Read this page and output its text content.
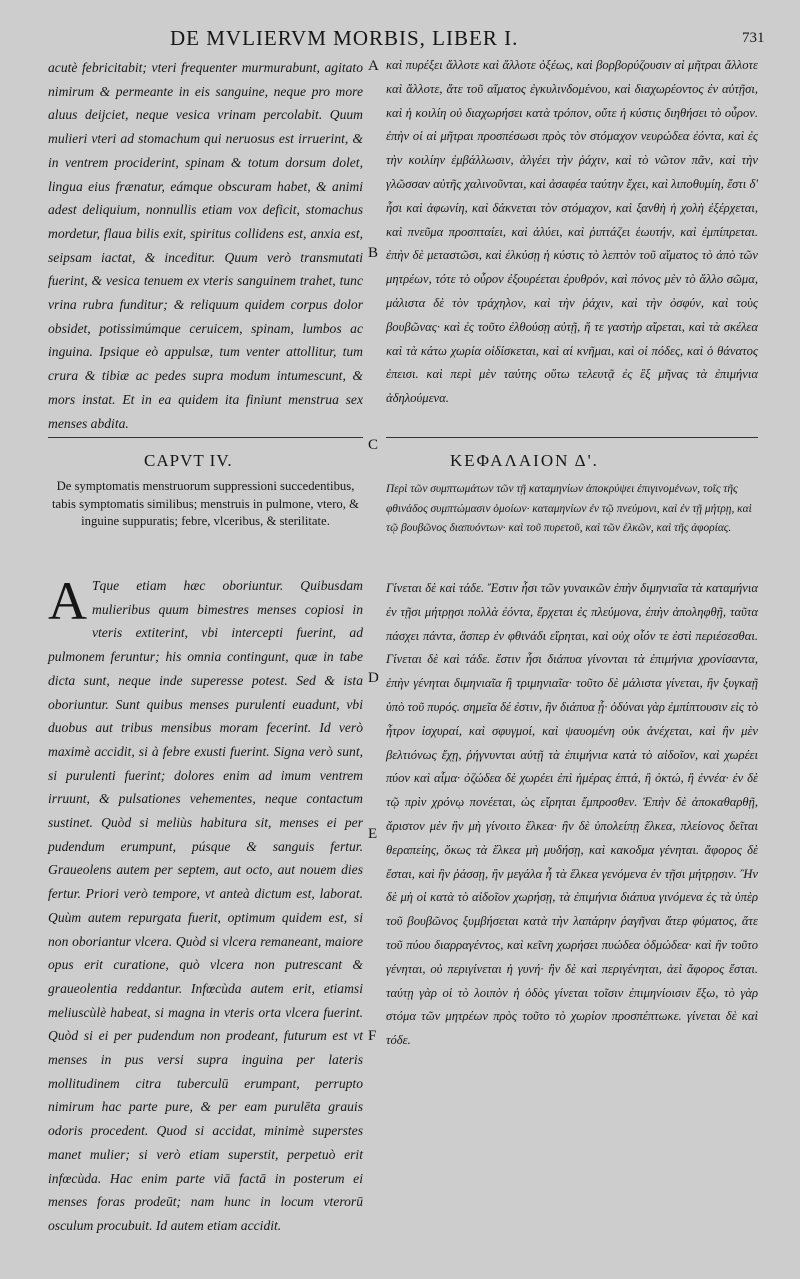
DE MVLIERVM MORBIS, LIBER I.	731

acutè febricitabit; vteri frequenter murmurabunt, agitato nimirum & permeante in eis sanguine, neque pro more aluus deijciet, neque vesica vrinam percolabit. Quum mulieri vteri ad stomachum qui neruosus est irruerint, & in ventrem prociderint, spinam & totum dorsum dolet, lingua eius frænatur, eámque obscuram habet, & animi adest deliquium, nonnullis etiam vox deficit, stomachus mordetur, flaua bilis exit, spiritus collidens est, anxia est, seipsam iactat, & inceditur. Quum verò transmutati fuerint, & vesica tenuem ex vteris sanguinem trahet, tunc vrina rubra funditur; & reliquum quidem corpus dolor obsidet, potissimúmque ceruicem, spinam, lumbos ac inguina. Ipsique eò appulsæ, tum venter attollitur, tum crura & tibiæ ac pedes supra modum intumescunt, & mors instat. Et in ea quidem ita finiunt menstrua sex menses abdita.

καὶ πυρέξει ἄλλοτε καὶ ἄλλοτε ὀξέως, καὶ βορβορύζουσιν αἱ μῆτραι ἄλλοτε καὶ ἄλλοτε, ἅτε τοῦ αἵματος ἐγκυλινδομένου, καὶ διαχωρέοντος ἐν αὐτῇσι, καὶ ἡ κοιλίη οὐ διαχωρήσει κατὰ τρόπον, οὔτε ἡ κύστις διηθήσει τὸ οὖρον. ἐπὴν οἱ αἱ μῆτραι προσπέσωσι πρὸς τὸν στόμαχον νευρώδεα ἐόντα, καὶ ἐς τὴν κοιλίην ἐμβάλλωσιν, ἀλγέει τὴν ῥάχιν, καὶ τὸ νῶτον πᾶν, καὶ τὴν γλῶσσαν αὐτῆς χαλινοῦνται, καὶ ἀσαφέα ταύτην ἔχει, καὶ λιποθυμίη, ἔστι δ' ἧσι καὶ ἀφωνίη, καὶ δάκνεται τὸν στόμαχον, καὶ ξανθὴ ἡ χολὴ ἐξέρχεται, καὶ πνεῦμα προσπταίει, καὶ ἀλύει, καὶ ῥιπτάζει ἑωυτήν, καὶ ἐμπίπρεται. ἐπὴν δὲ μεταστῶσι, καὶ ἑλκύσῃ ἡ κύστις τὸ λεπτὸν τοῦ αἵματος τὸ ἀπὸ τῶν μητρέων, τότε τὸ οὖρον ἐξουρέεται ἐρυθρόν, καὶ πόνος μὲν τὸ ἄλλο σῶμα, μάλιστα δὲ τὸν τράχηλον, καὶ τὴν ῥάχιν, καὶ τὴν ὀσφύν, καὶ τοὺς βουβῶνας· καὶ ἐς τοῦτο ἐλθούσῃ αὐτῇ, ἥ τε γαστὴρ αἴρεται, καὶ τὰ σκέλεα καὶ τὰ κάτω χωρία οἰδίσκεται, καὶ αἱ κνῆμαι, καὶ οἱ πόδες, καὶ ὁ θάνατος ἐπεισι. καὶ περὶ μὲν ταύτης οὕτω τελευτᾷ ἐς ἓξ μῆνας τὰ ἐπιμήνια ἀδηλούμενα.

A
B
C
D
E
F
CAPVT IV.	ΚΕΦΑΛΑΙΟΝ Δ'.
De symptomatis menstruorum suppressioni succedentibus, tabis symptomatis similibus; menstruis in pulmone, vtero, & inguine suppuratis; febre, vlceribus, & sterilitate.
Περὶ τῶν συμπτωμάτων τῶν τῇ καταμηνίων ἀποκρύψει ἐπιγινομένων, τοῖς τῆς φθινάδος συμπτώμασιν ὁμοίων· καταμηνίων ἐν τῷ πνεύμονι, καὶ ἐν τῇ μήτρῃ, καὶ τῷ βουβῶνος διαπυόντων· καὶ τοῦ πυρετοῦ, καὶ τῶν ἑλκῶν, καὶ τῆς ἀφορίας.

A Tque etiam hæc oboriuntur. Quibusdam mulieribus quum bimestres menses copiosi in vteris extiterint, vbi intercepti fuerint, ad pulmonem feruntur; his omnia contingunt, quæ in tabe dicta sunt, neque inde superesse potest. Sed & ista oboriuntur. Sunt quibus menses purulenti euadunt, vbi duobus aut tribus mensibus moram fecerint. Id verò maximè accidit, si à febre exusti fuerint. Signa verò sunt, si purulenti fuerint; dolores enim ad imum ventrem irruunt, & pulsationes vehementes, neque contactum sustinet. Quòd si meliùs habitura sit, menses ei per pudendum erumpunt, púsque & sanguis fertur. Graueolens autem per septem, aut octo, aut nouem dies fertur. Priori verò tempore, vt anteà dictum est, laborat. Quùm autem repurgata fuerit, optimum quidem est, si non oboriantur vlcera. Quòd si vlcera remaneant, maiore opus erit curatione, quò vlcera non putrescant & graueolentia reddantur. Infœcùda autem erit, etiamsi meliuscùlè habeat, si magna in vteris orta vlcera fuerint. Quòd si ei per pudendum non prodeant, futurum est vt menses in pus versi supra inguina per lateris mollitudinem citra tuberculū erumpant, perrupto nimirum hac parte pure, & per eam purulēta grauis odoris procedent. Quod si accidat, minimè superstes manet mulier; si verò etiam superstit, perpetuò erit infœcùda. Hac enim parte viā factā in posterum ei menses foras prodeūt; nam hunc in locum vterorū osculum procubuit. Id autem etiam accidit.

Γίνεται δὲ καὶ τάδε. Ἔστιν ἧσι τῶν γυναικῶν ἐπὴν διμηνιαῖα τὰ καταμήνια ἐν τῇσι μήτρῃσι πολλὰ ἐόντα, ἔρχεται ἐς πλεύμονα, ἐπὴν ἀποληφθῇ, ταῦτα πάσχει πάντα, ἅσπερ ἐν φθινάδι εἴρηται, καὶ οὐχ οἷόν τε ἐστὶ περιέσεσθαι. Γίνεται δὲ καὶ τάδε. ἔστιν ἧσι διάπυα γίνονται τὰ ἐπιμήνια χρονίσαντα, ἐπὴν γένηται διμηνιαῖα ἢ τριμηνιαῖα· τοῦτο δὲ μάλιστα γίνεται, ἢν ξυγκαῇ ὑπὸ τοῦ πυρός. σημεῖα δέ ἐστιν, ἢν διάπυα ᾖ· ὀδύναι γὰρ ἐμπίπτουσιν εἰς τὸ ἦτρον ἰσχυραί, καὶ σφυγμοί, καὶ ψαυομένη οὐκ ἀνέχεται, καὶ ἢν μὲν βελτιόνως ἔχῃ, ῥήγνυνται αὐτῇ τὰ ἐπιμήνια κατὰ τὸ αἰδοῖον, καὶ χωρέει πύον καὶ αἷμα· ὀζώδεα δὲ χωρέει ἐπὶ ἡμέρας ἑπτά, ἢ ὀκτώ, ἢ ἐννέα· ἐν δὲ τῷ πρὶν χρόνῳ πονέεται, ὡς εἴρηται ἔμπροσθεν. Ἐπὴν δὲ ἀποκαθαρθῇ, ἄριστον μὲν ἢν μὴ γίνοιτο ἕλκεα· ἢν δὲ ὑπολείπῃ ἕλκεα, πλείονος δεῖται θεραπείης, ὅκως τὰ ἕλκεα μὴ μυδήσῃ, καὶ κακοδμα γένηται. ἄφορος δὲ ἔσται, καὶ ἢν ῥάσσῃ, ἢν μεγάλα ἦ τὰ ἕλκεα γενόμενα ἐν τῇσι μήτρῃσιν. Ἢν δὲ μὴ οἱ κατὰ τὸ αἰδοῖον χωρήσῃ, τὰ ἐπιμήνια διάπυα γινόμενα ἐς τὰ ὑπὲρ τοῦ βουβῶνος ξυμβήσεται κατὰ τὴν λαπάρην ῥαγῆναι ἄτερ φύματος, ἅτε τοῦ πύου διαρραγέντος, καὶ κεῖνη χωρήσει πυώδεα ὀδμώδεα· καὶ ἢν τοῦτο γένηται, οὐ περιγίνεται ἡ γυνή· ἢν δὲ καὶ περιγένηται, ἀεὶ ἄφορος ἔσται. ταύτῃ γὰρ οἱ τὸ λοιπὸν ἡ ὁδὸς γίνεται τοῖσιν ἐπιμηνίοισιν ἔξω, τὸ γὰρ στόμα τῶν μητρέων πρὸς τοῦτο τὸ χωρίον προσπέπτωκε. γίνεται δὲ καὶ τόδε.
